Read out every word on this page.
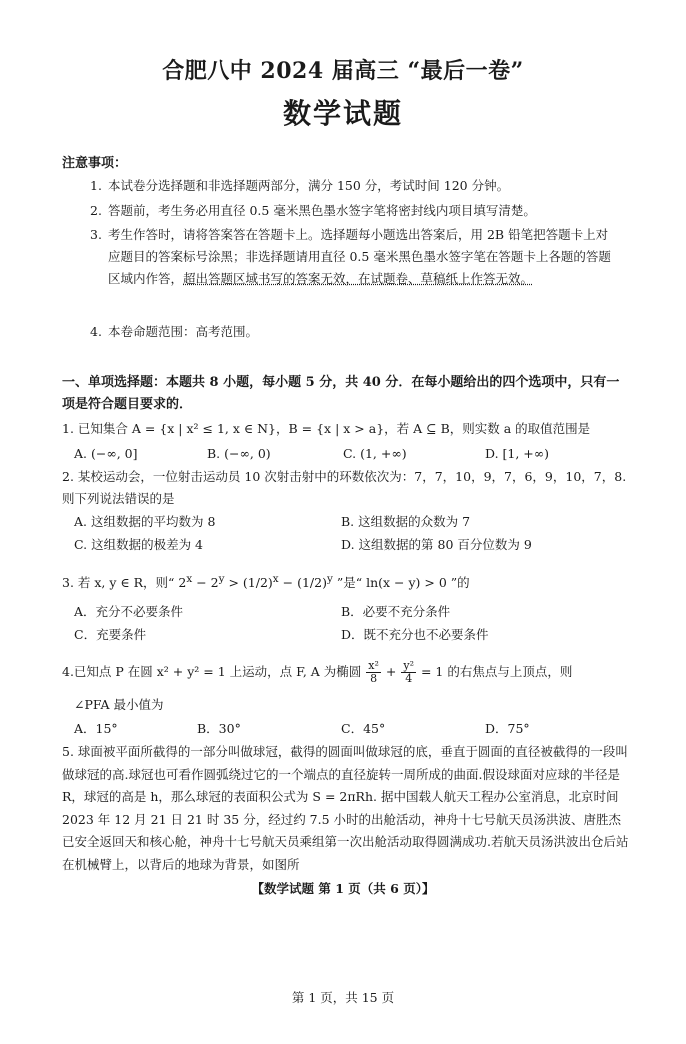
合肥八中 2024 届高三 “最后一卷”
数学试题
注意事项：
1. 本试卷分选择题和非选择题两部分，满分 150 分，考试时间 120 分钟。
2. 答题前，考生务必用直径 0.5 毫米黑色墨水签字笔将密封线内项目填写清楚。
3. 考生作答时，请将答案答在答题卡上。选择题每小题选出答案后，用 2B 铅笔把答题卡上对应题目的答案标号涂黑；非选择题请用直径 0.5 毫米黑色墨水签字笔在答题卡上各题的答题区域内作答，超出答题区域书写的答案无效，在试题卷、草稿纸上作答无效。
4. 本卷命题范围：高考范围。
一、单项选择题：本题共 8 小题，每小题 5 分，共 40 分．在每小题给出的四个选项中，只有一项是符合题目要求的．
1. 已知集合 A = {x | x² ≤ 1, x ∈ N}，B = {x | x > a}，若 A ⊆ B，则实数 a 的取值范围是
A. (−∞, 0]	B. (−∞, 0)	C. (1, +∞)	D. [1, +∞)
2. 某校运动会，一位射击运动员 10 次射击射中的环数依次为：7，7，10，9，7，6，9，10，7，8.则下列说法错误的是
A. 这组数据的平均数为 8	B. 这组数据的众数为 7
C. 这组数据的极差为 4	D. 这组数据的第 80 百分位数为 9
3. 若 x, y ∈ R，则“ $2^x - 2^y > (1/2)^x - (1/2)^y$ ”是“ ln(x − y) > 0 ”的
A．充分不必要条件	B．必要不充分条件
C．充要条件	D．既不充分也不必要条件
4.已知点 P 在圆 x² + y² = 1 上运动，点 F, A 为椭圆 $\frac{\text{x²}}{8} + \frac{\text{y²}}{4} = 1$ 的右焦点与上顶点，则
∠PFA 最小值为
A．15°	B．30°	C．45°	D．75°
5. 球面被平面所截得的一部分叫做球冠，截得的圆面叫做球冠的底，垂直于圆面的直径被截得的一段叫做球冠的高.球冠也可看作圆弧绕过它的一个端点的直径旋转一周所成的曲面.假设球面对应球的半径是 R，球冠的高是 h，那么球冠的表面积公式为 S = 2πRh. 据中国载人航天工程办公室消息，北京时间 2023 年 12 月 21 日 21 时 35 分，经过约 7.5 小时的出舱活动，神舟十七号航天员汤洪波、唐胜杰已安全返回天和核心舱，神舟十七号航天员乘组第一次出舱活动取得圆满成功.若航天员汤洪波出仓后站在机械臂上，以背后的地球为背景，如图所
【数学试题 第 1 页（共 6 页）】
第 1 页，共 15 页
